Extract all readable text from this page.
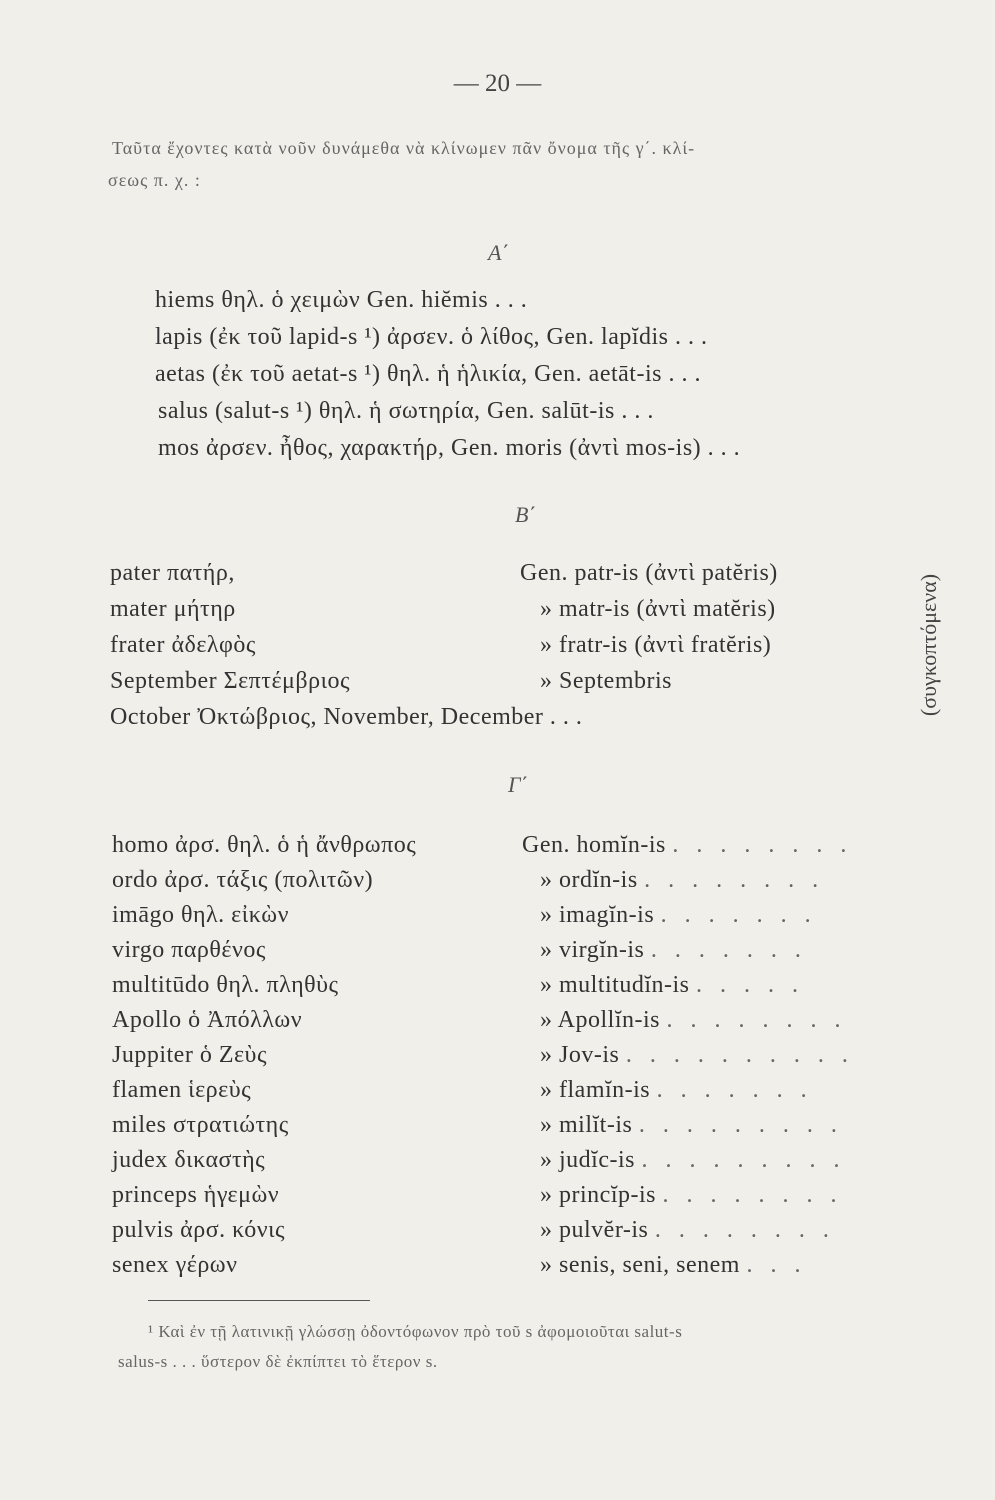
— 20 —
Ταῦτα ἔχοντες κατὰ νοῦν δυνάμεθα νὰ κλίνωμεν πᾶν ὄνομα τῆς γ΄. κλί-
σεως π. χ. :
Α΄
hiems θηλ. ὁ χειμὼν Gen. hiĕmis . . .
lapis (ἐκ τοῦ lapid-s ¹) ἀρσεν. ὁ λίθος, Gen. lapĭdis . . .
aetas (ἐκ τοῦ aetat-s ¹) θηλ. ἡ ἡλικία, Gen. aetāt-is . . .
salus (salut-s ¹) θηλ. ἡ σωτηρία, Gen. salūt-is . . .
mos ἀρσεν. ἦθος, χαρακτήρ, Gen. moris (ἀντὶ mos-is) . . .
Β΄
pater πατήρ,	Gen. patr-is (ἀντὶ patĕris)
mater μήτηρ	» matr-is (ἀντὶ matĕris)
frater ἀδελφὸς	» fratr-is (ἀντὶ fratĕris)
September Σεπτέμβριος	» Septembris
October Ὀκτώβριος, November, December . . .
(συγκοπτόμενα)
Γ΄
homo ἀρσ. θηλ. ὁ ἡ ἄνθρωπος	Gen. homĭn-is . . . . . . . .
ordo ἀρσ. τάξις (πολιτῶν)	» ordĭn-is . . . . . . . .
imāgo θηλ. εἰκὼν	» imagĭn-is . . . . . . .
virgo παρθένος	» virgĭn-is . . . . . . .
multitūdo θηλ. πληθὺς	» multitudĭn-is . . . . .
Apollo ὁ Ἀπόλλων	» Apollĭn-is . . . . . . . .
Juppiter ὁ Ζεὺς	» Jov-is . . . . . . . . . .
flamen ἱερεὺς	» flamĭn-is . . . . . . .
miles στρατιώτης	» milĭt-is . . . . . . . . .
judex δικαστὴς	» judĭc-is . . . . . . . . .
princeps ἡγεμὼν	» princĭp-is . . . . . . . .
pulvis ἀρσ. κόνις	» pulvĕr-is . . . . . . . .
senex γέρων	» senis, seni, senem . . .
¹ Καὶ ἐν τῇ λατινικῇ γλώσσῃ ὀδοντόφωνον πρὸ τοῦ s ἀφομοιοῦται salut-s
salus-s . . . ὕστερον δὲ ἐκπίπτει τὸ ἕτερον s.
